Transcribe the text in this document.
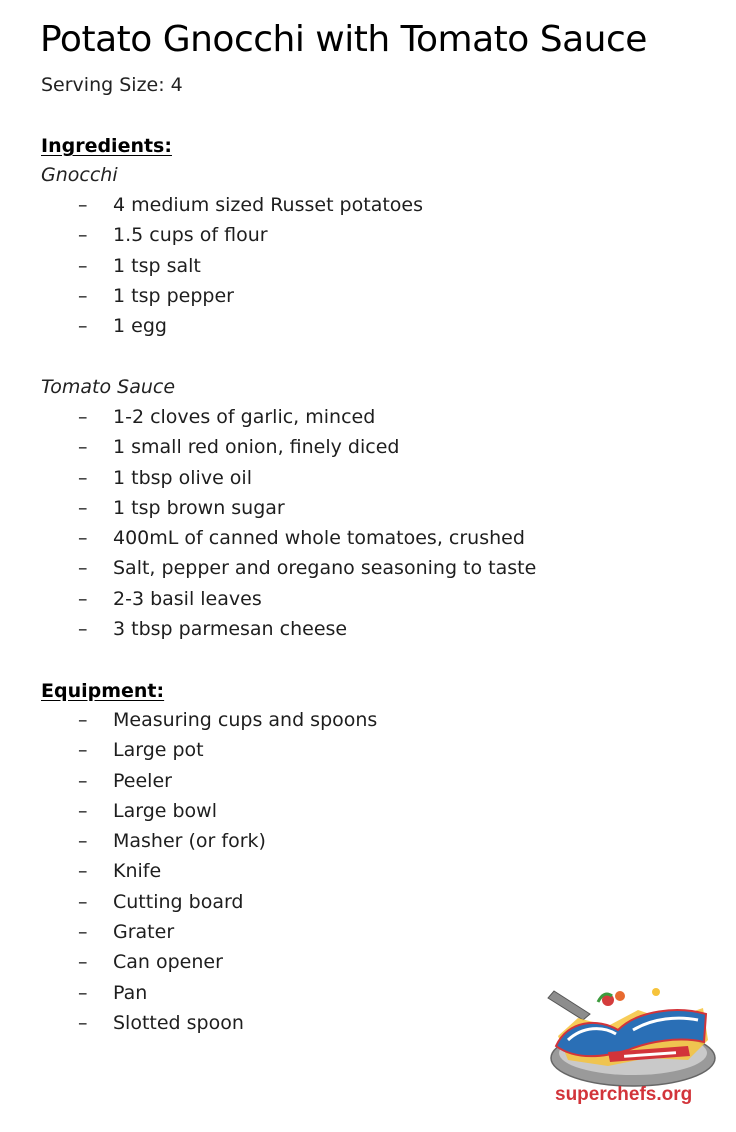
Potato Gnocchi with Tomato Sauce
Serving Size: 4
Ingredients:
Gnocchi
– 4 medium sized Russet potatoes
– 1.5 cups of flour
– 1 tsp salt
– 1 tsp pepper
– 1 egg
Tomato Sauce
– 1-2 cloves of garlic, minced
– 1 small red onion, finely diced
– 1 tbsp olive oil
– 1 tsp brown sugar
– 400mL of canned whole tomatoes, crushed
– Salt, pepper and oregano seasoning to taste
– 2-3 basil leaves
– 3 tbsp parmesan cheese
Equipment:
– Measuring cups and spoons
– Large pot
– Peeler
– Large bowl
– Masher (or fork)
– Knife
– Cutting board
– Grater
– Can opener
– Pan
– Slotted spoon
superchefs.org
